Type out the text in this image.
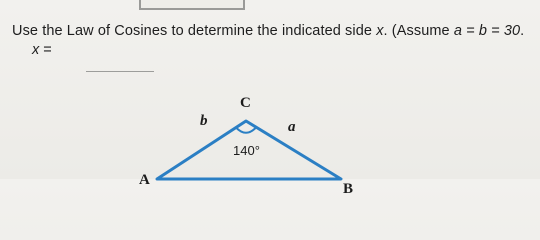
Use the Law of Cosines to determine the indicated side x. (Assume a = b = 30.
x =
C
b	a
140°
A
B
